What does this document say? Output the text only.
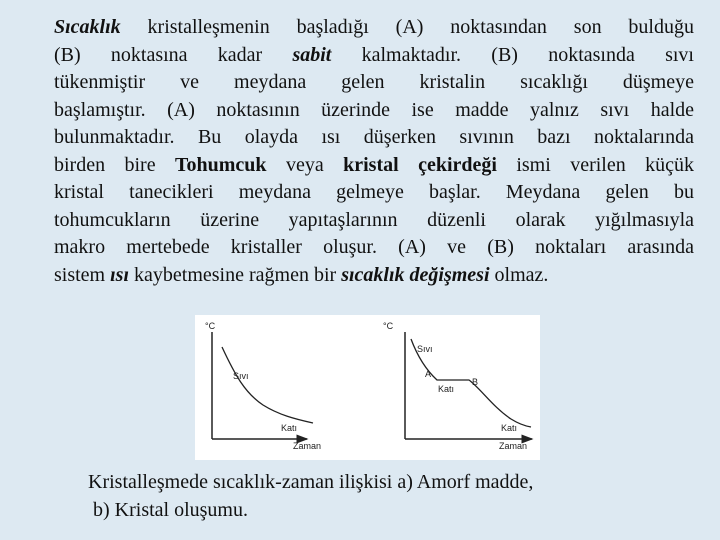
Sıcaklık kristalleşmenin başladığı (A) noktasından son bulduğu
(B) noktasına kadar sabit kalmaktadır. (B) noktasında sıvı
tükenmiştir ve meydana gelen kristalin sıcaklığı düşmeye
başlamıştır. (A) noktasının üzerinde ise madde yalnız sıvı halde
bulunmaktadır. Bu olayda ısı düşerken sıvının bazı noktalarında
birden bire Tohumcuk veya kristal çekirdeği ismi verilen küçük
kristal tanecikleri meydana gelmeye başlar. Meydana gelen bu
tohumcukların üzerine yapıtaşlarının düzenli olarak yığılmasıyla
makro mertebede kristaller oluşur. (A) ve (B) noktaları arasında
sistem ısı kaybetmesine rağmen bir sıcaklık değişmesi olmaz.
°C
Sıvı
Katı
Zaman
°C
Sıvı
A
Katı
B
Katı
Zaman
Kristalleşmede sıcaklık-zaman ilişkisi a) Amorf madde,
b) Kristal oluşumu.
